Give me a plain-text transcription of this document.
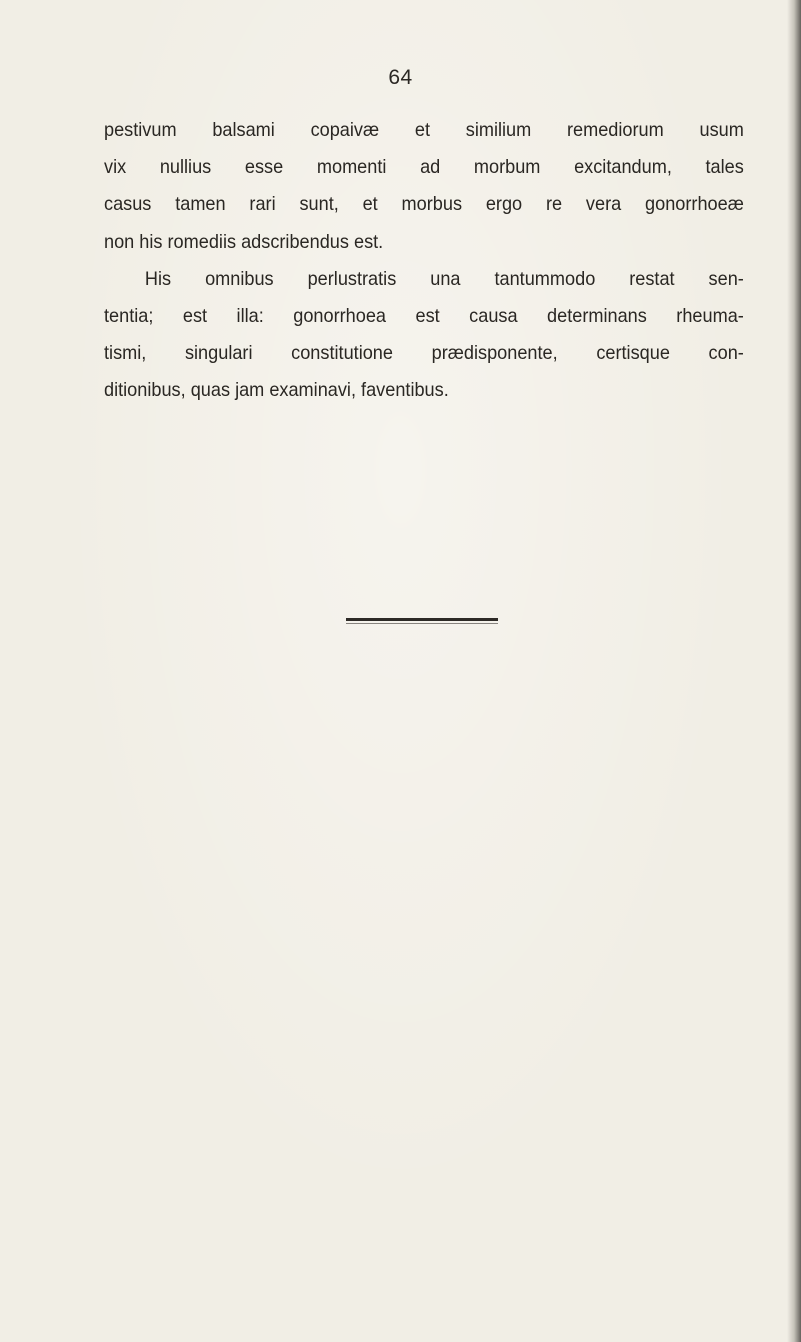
64
pestivum balsami copaivæ et similium remediorum usum
vix nullius esse momenti ad morbum excitandum, tales
casus tamen rari sunt, et morbus ergo re vera gonorrhoeæ
non his romediis adscribendus est.
His omnibus perlustratis una tantummodo restat sen-
tentia; est illa: gonorrhoea est causa determinans rheuma-
tismi, singulari constitutione prædisponente, certisque con-
ditionibus, quas jam examinavi, faventibus.
